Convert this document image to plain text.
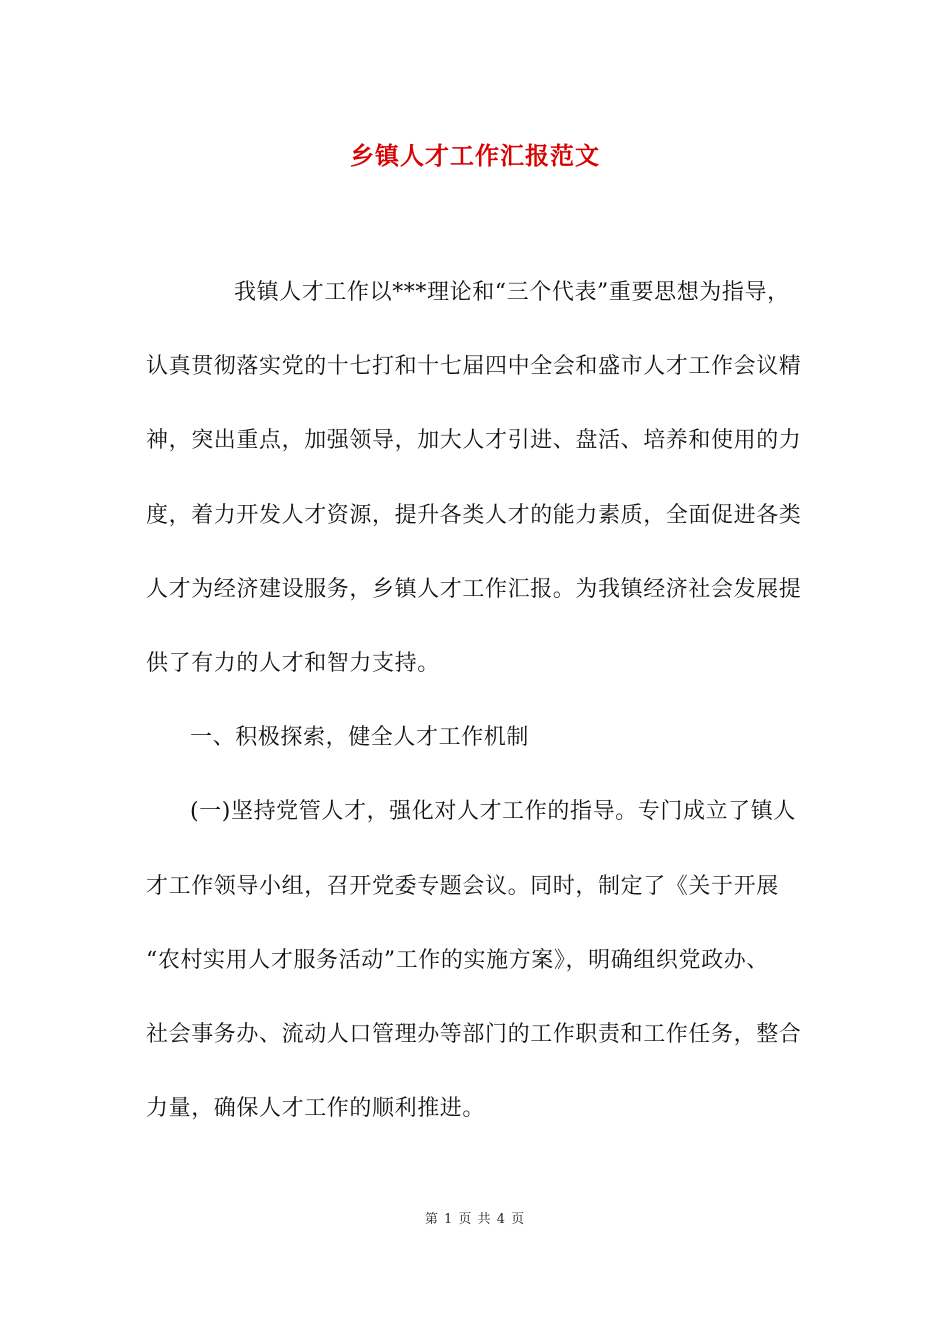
乡镇人才工作汇报范文
我镇人才工作以***理论和“三个代表”重要思想为指导，
认真贯彻落实党的十七打和十七届四中全会和盛市人才工作会议精
神，突出重点，加强领导，加大人才引进、盘活、培养和使用的力
度，着力开发人才资源，提升各类人才的能力素质，全面促进各类
人才为经济建设服务，乡镇人才工作汇报。为我镇经济社会发展提
供了有力的人才和智力支持。
一、积极探索，健全人才工作机制
(一)坚持党管人才，强化对人才工作的指导。专门成立了镇人
才工作领导小组，召开党委专题会议。同时，制定了《关于开展
“农村实用人才服务活动”工作的实施方案》，明确组织党政办、
社会事务办、流动人口管理办等部门的工作职责和工作任务，整合
力量，确保人才工作的顺利推进。
第 1 页 共 4 页
